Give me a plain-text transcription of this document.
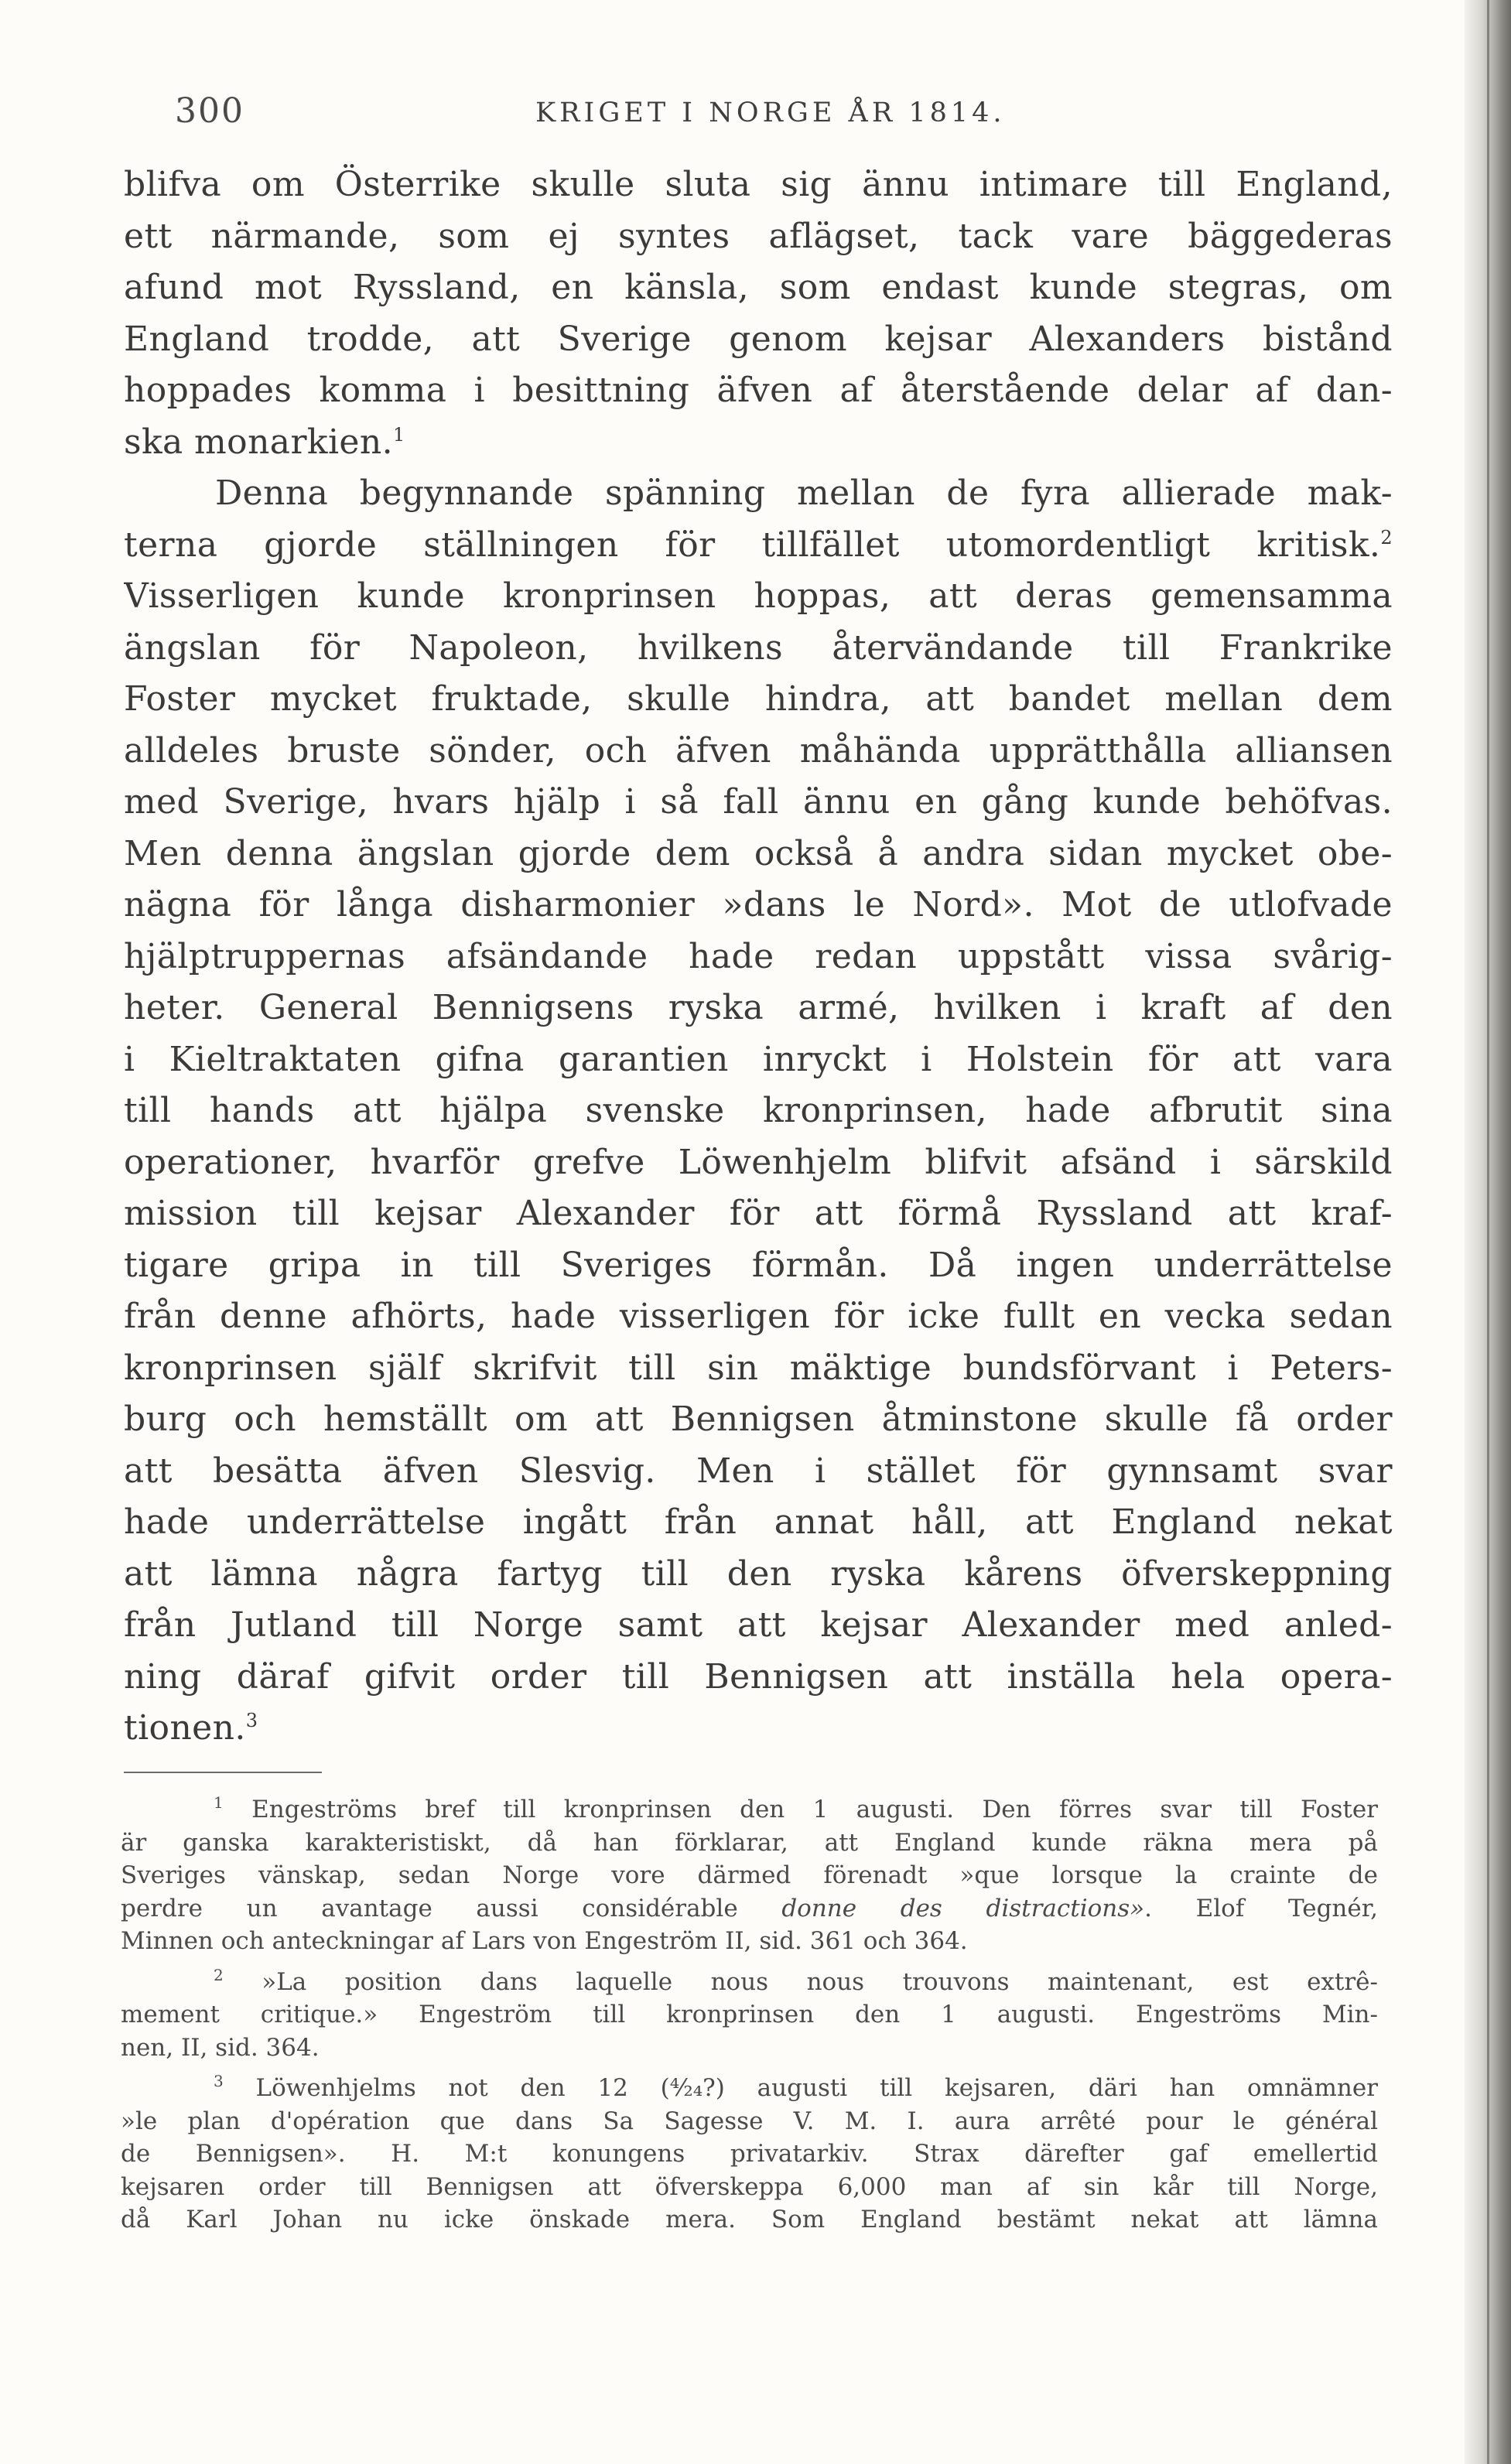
300	KRIGET I NORGE ÅR 1814.
blifva om Österrike skulle sluta sig ännu intimare till England,
ett närmande, som ej syntes aflägset, tack vare bäggederas
afund mot Ryssland, en känsla, som endast kunde stegras, om
England trodde, att Sverige genom kejsar Alexanders bistånd
hoppades komma i besittning äfven af återstående delar af dan-
ska monarkien.$^1$
Denna begynnande spänning mellan de fyra allierade mak-
terna gjorde ställningen för tillfället utomordentligt kritisk.$^2$
Visserligen kunde kronprinsen hoppas, att deras gemensamma
ängslan för Napoleon, hvilkens återvändande till Frankrike
Foster mycket fruktade, skulle hindra, att bandet mellan dem
alldeles bruste sönder, och äfven måhända upprätthålla alliansen
med Sverige, hvars hjälp i så fall ännu en gång kunde behöfvas.
Men denna ängslan gjorde dem också å andra sidan mycket obe-
nägna för långa disharmonier »dans le Nord». Mot de utlofvade
hjälptruppernas afsändande hade redan uppstått vissa svårig-
heter. General Bennigsens ryska armé, hvilken i kraft af den
i Kieltraktaten gifna garantien inryckt i Holstein för att vara
till hands att hjälpa svenske kronprinsen, hade afbrutit sina
operationer, hvarför grefve Löwenhjelm blifvit afsänd i särskild
mission till kejsar Alexander för att förmå Ryssland att kraf-
tigare gripa in till Sveriges förmån. Då ingen underrättelse
från denne afhörts, hade visserligen för icke fullt en vecka sedan
kronprinsen själf skrifvit till sin mäktige bundsförvant i Peters-
burg och hemställt om att Bennigsen åtminstone skulle få order
att besätta äfven Slesvig. Men i stället för gynnsamt svar
hade underrättelse ingått från annat håll, att England nekat
att lämna några fartyg till den ryska kårens öfverskeppning
från Jutland till Norge samt att kejsar Alexander med anled-
ning däraf gifvit order till Bennigsen att inställa hela opera-
tionen.$^3$
$^1$ Engeströms bref till kronprinsen den 1 augusti. Den förres svar till Foster
är ganska karakteristiskt, då han förklarar, att England kunde räkna mera på
Sveriges vänskap, sedan Norge vore därmed förenadt »que lorsque la crainte de
perdre un avantage aussi considérable donne des distractions». Elof Tegnér,
Minnen och anteckningar af Lars von Engeström II, sid. 361 och 364.
$^2$ »La position dans laquelle nous nous trouvons maintenant, est extrê-
mement critique.» Engeström till kronprinsen den 1 augusti. Engeströms Min-
nen, II, sid. 364.
$^3$ Löwenhjelms not den 12 (⁴⁄₂₄?) augusti till kejsaren, däri han omnämner
»le plan d'opération que dans Sa Sagesse V. M. I. aura arrêté pour le général
de Bennigsen». H. M:t konungens privatarkiv. Strax därefter gaf emellertid
kejsaren order till Bennigsen att öfverskeppa 6,000 man af sin kår till Norge,
då Karl Johan nu icke önskade mera. Som England bestämt nekat att lämna
